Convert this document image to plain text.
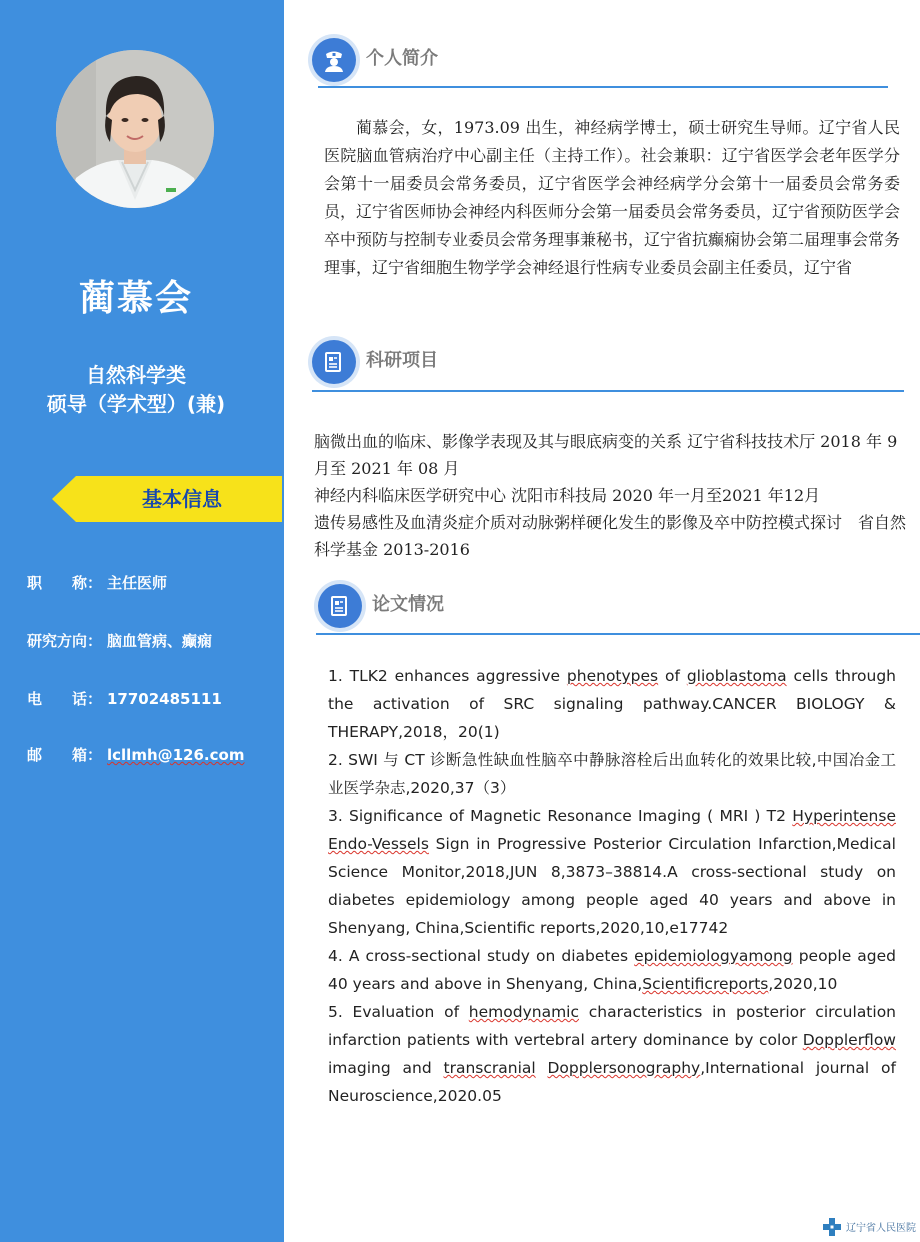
蔺慕会
自然科学类
硕导（学术型）(兼)
基本信息
职　　称： 主任医师
研究方向： 脑血管病、癫痫
电　　话： 17702485111
邮　　箱： lcllmh@126.com
个人简介
蔺慕会，女，1973.09 出生，神经病学博士，硕士研究生导师。辽宁省人民医院脑血管病治疗中心副主任（主持工作）。社会兼职：辽宁省医学会老年医学分会第十一届委员会常务委员，辽宁省医学会神经病学分会第十一届委员会常务委员，辽宁省医师协会神经内科医师分会第一届委员会常务委员，辽宁省预防医学会卒中预防与控制专业委员会常务理事兼秘书，辽宁省抗癫痫协会第二届理事会常务理事，辽宁省细胞生物学学会神经退行性病专业委员会副主任委员，辽宁省
科研项目
脑微出血的临床、影像学表现及其与眼底病变的关系 辽宁省科技技术厅 2018 年 9 月至 2021 年 08 月
神经内科临床医学研究中心 沈阳市科技局 2020 年一月至2021 年12月
遗传易感性及血清炎症介质对动脉粥样硬化发生的影像及卒中防控模式探讨　省自然科学基金 2013-2016
论文情况

1. TLK2 enhances aggressive phenotypes of glioblastoma cells through the activation of SRC signaling pathway.CANCER BIOLOGY & THERAPY,2018，20(1)

2. SWI 与 CT 诊断急性缺血性脑卒中静脉溶栓后出血转化的效果比较,中国冶金工业医学杂志,2020,37（3）

3. Significance of Magnetic Resonance Imaging ( MRI ) T2 Hyperintense Endo-Vessels Sign in Progressive Posterior Circulation Infarction,Medical Science Monitor,2018,JUN 8,3873–38814.A cross-sectional study on diabetes epidemiology among people aged 40 years and above in Shenyang, China,Scientific reports,2020,10,e17742

4. A cross-sectional study on diabetes epidemiologyamong people aged 40 years and above in Shenyang, China,Scientificreports,2020,10

5. Evaluation of hemodynamic characteristics in posterior circulation infarction patients with vertebral artery dominance by color Dopplerflow imaging and transcranial Dopplersonography,International journal of Neuroscience,2020.05

辽宁省人民医院
